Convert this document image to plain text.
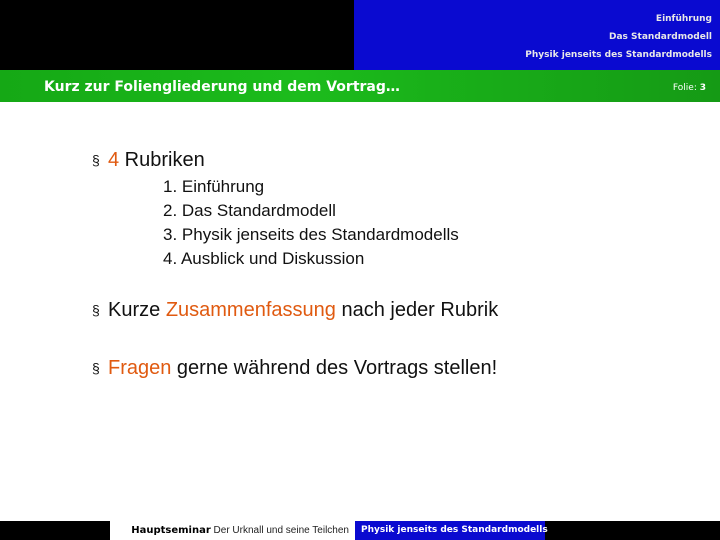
Einführung
Das Standardmodell
Physik jenseits des Standardmodells
Kurz zur Foliengliederung und dem Vortrag…	Folie: 3
§ 4 Rubriken
1. Einführung
2. Das Standardmodell
3. Physik jenseits des Standardmodells
4. Ausblick und Diskussion
§ Kurze Zusammenfassung nach jeder Rubrik
§ Fragen gerne während des Vortrags stellen!
Hauptseminar Der Urknall und seine Teilchen	Physik jenseits des Standardmodells
